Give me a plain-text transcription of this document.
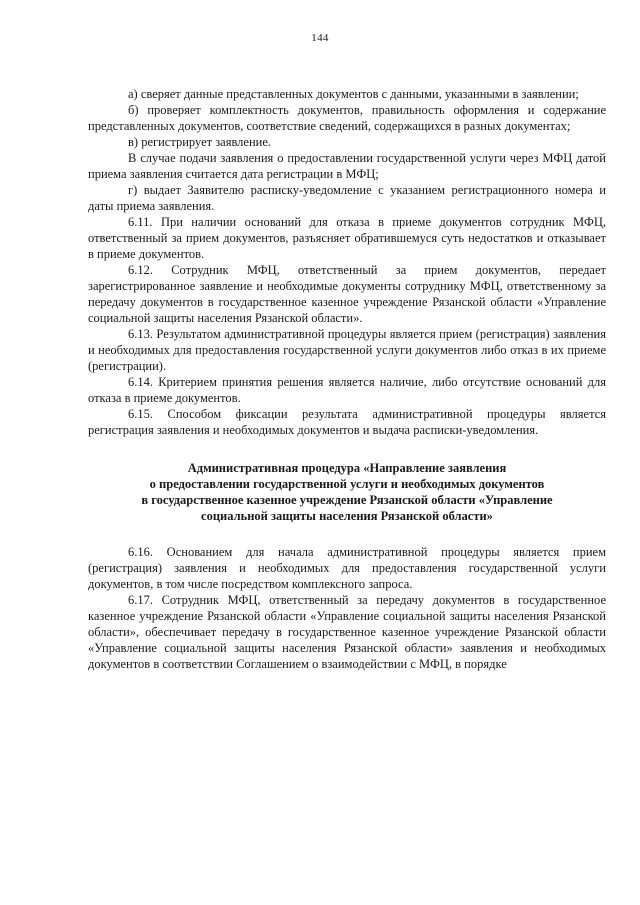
144

а) сверяет данные представленных документов с данными, указанными в заявлении;

б) проверяет комплектность документов, правильность оформления и содержание представленных документов, соответствие сведений, содержащихся в разных документах;

в) регистрирует заявление.

В случае подачи заявления о предоставлении государственной услуги через МФЦ датой приема заявления считается дата регистрации в МФЦ;

г) выдает Заявителю расписку-уведомление с указанием регистрационного номера и даты приема заявления.

6.11. При наличии оснований для отказа в приеме документов сотрудник МФЦ, ответственный за прием документов, разъясняет обратившемуся суть недостатков и отказывает в приеме документов.

6.12. Сотрудник МФЦ, ответственный за прием документов, передает зарегистрированное заявление и необходимые документы сотруднику МФЦ, ответственному за передачу документов в государственное казенное учреждение Рязанской области «Управление социальной защиты населения Рязанской области».

6.13. Результатом административной процедуры является прием (регистрация) заявления и необходимых для предоставления государственной услуги документов либо отказ в их приеме (регистрации).

6.14. Критерием принятия решения является наличие, либо отсутствие оснований для отказа в приеме документов.

6.15. Способом фиксации результата административной процедуры является регистрация заявления и необходимых документов и выдача расписки-уведомления.

Административная процедура «Направление заявления
о предоставлении государственной услуги и необходимых документов
в государственное казенное учреждение Рязанской области «Управление
социальной защиты населения Рязанской области»

6.16. Основанием для начала административной процедуры является прием (регистрация) заявления и необходимых для предоставления государственной услуги документов, в том числе посредством комплексного запроса.

6.17. Сотрудник МФЦ, ответственный за передачу документов в государственное казенное учреждение Рязанской области «Управление социальной защиты населения Рязанской области», обеспечивает передачу в государственное казенное учреждение Рязанской области «Управление социальной защиты населения Рязанской области» заявления и необходимых документов в соответствии Соглашением о взаимодействии с МФЦ, в порядке
